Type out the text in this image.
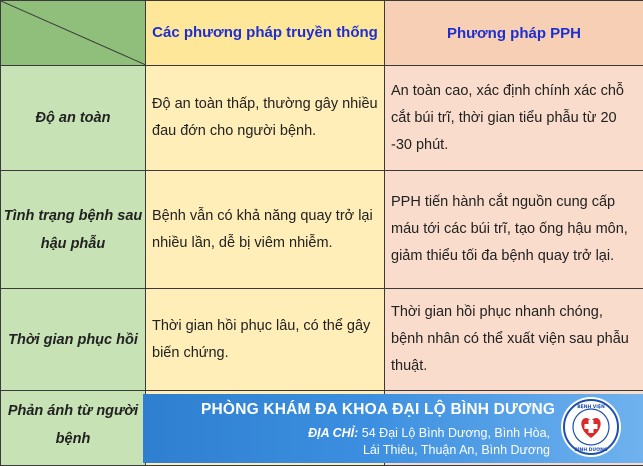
	Các phương pháp truyền thống	Phương pháp PPH
Độ an toàn	Độ an toàn thấp, thường gây nhiều đau đớn cho người bệnh.	An toàn cao, xác định chính xác chỗ cắt búi trĩ, thời gian tiểu phẫu từ 20 -30 phút.
Tình trạng bệnh sau hậu phẫu	Bệnh vẫn có khả năng quay trở lại nhiều lần, dễ bị viêm nhiễm.	PPH tiến hành cắt nguồn cung cấp máu tới các búi trĩ, tạo ống hậu môn, giảm thiểu tối đa bệnh quay trở lại.
Thời gian phục hồi	Thời gian hồi phục lâu, có thể gây biến chứng.	Thời gian hồi phục nhanh chóng, bệnh nhân có thể xuất viện sau phẫu thuật.
Phản ánh từ người bệnh		
PHÒNG KHÁM ĐA KHOA ĐẠI LỘ BÌNH DƯƠNG
ĐỊA CHỈ: 54 Đại Lộ Bình Dương, Bình Hòa,
Lái Thiêu, Thuận An, Bình Dương
BỆNH VIỆN
BÌNH DƯƠNG
